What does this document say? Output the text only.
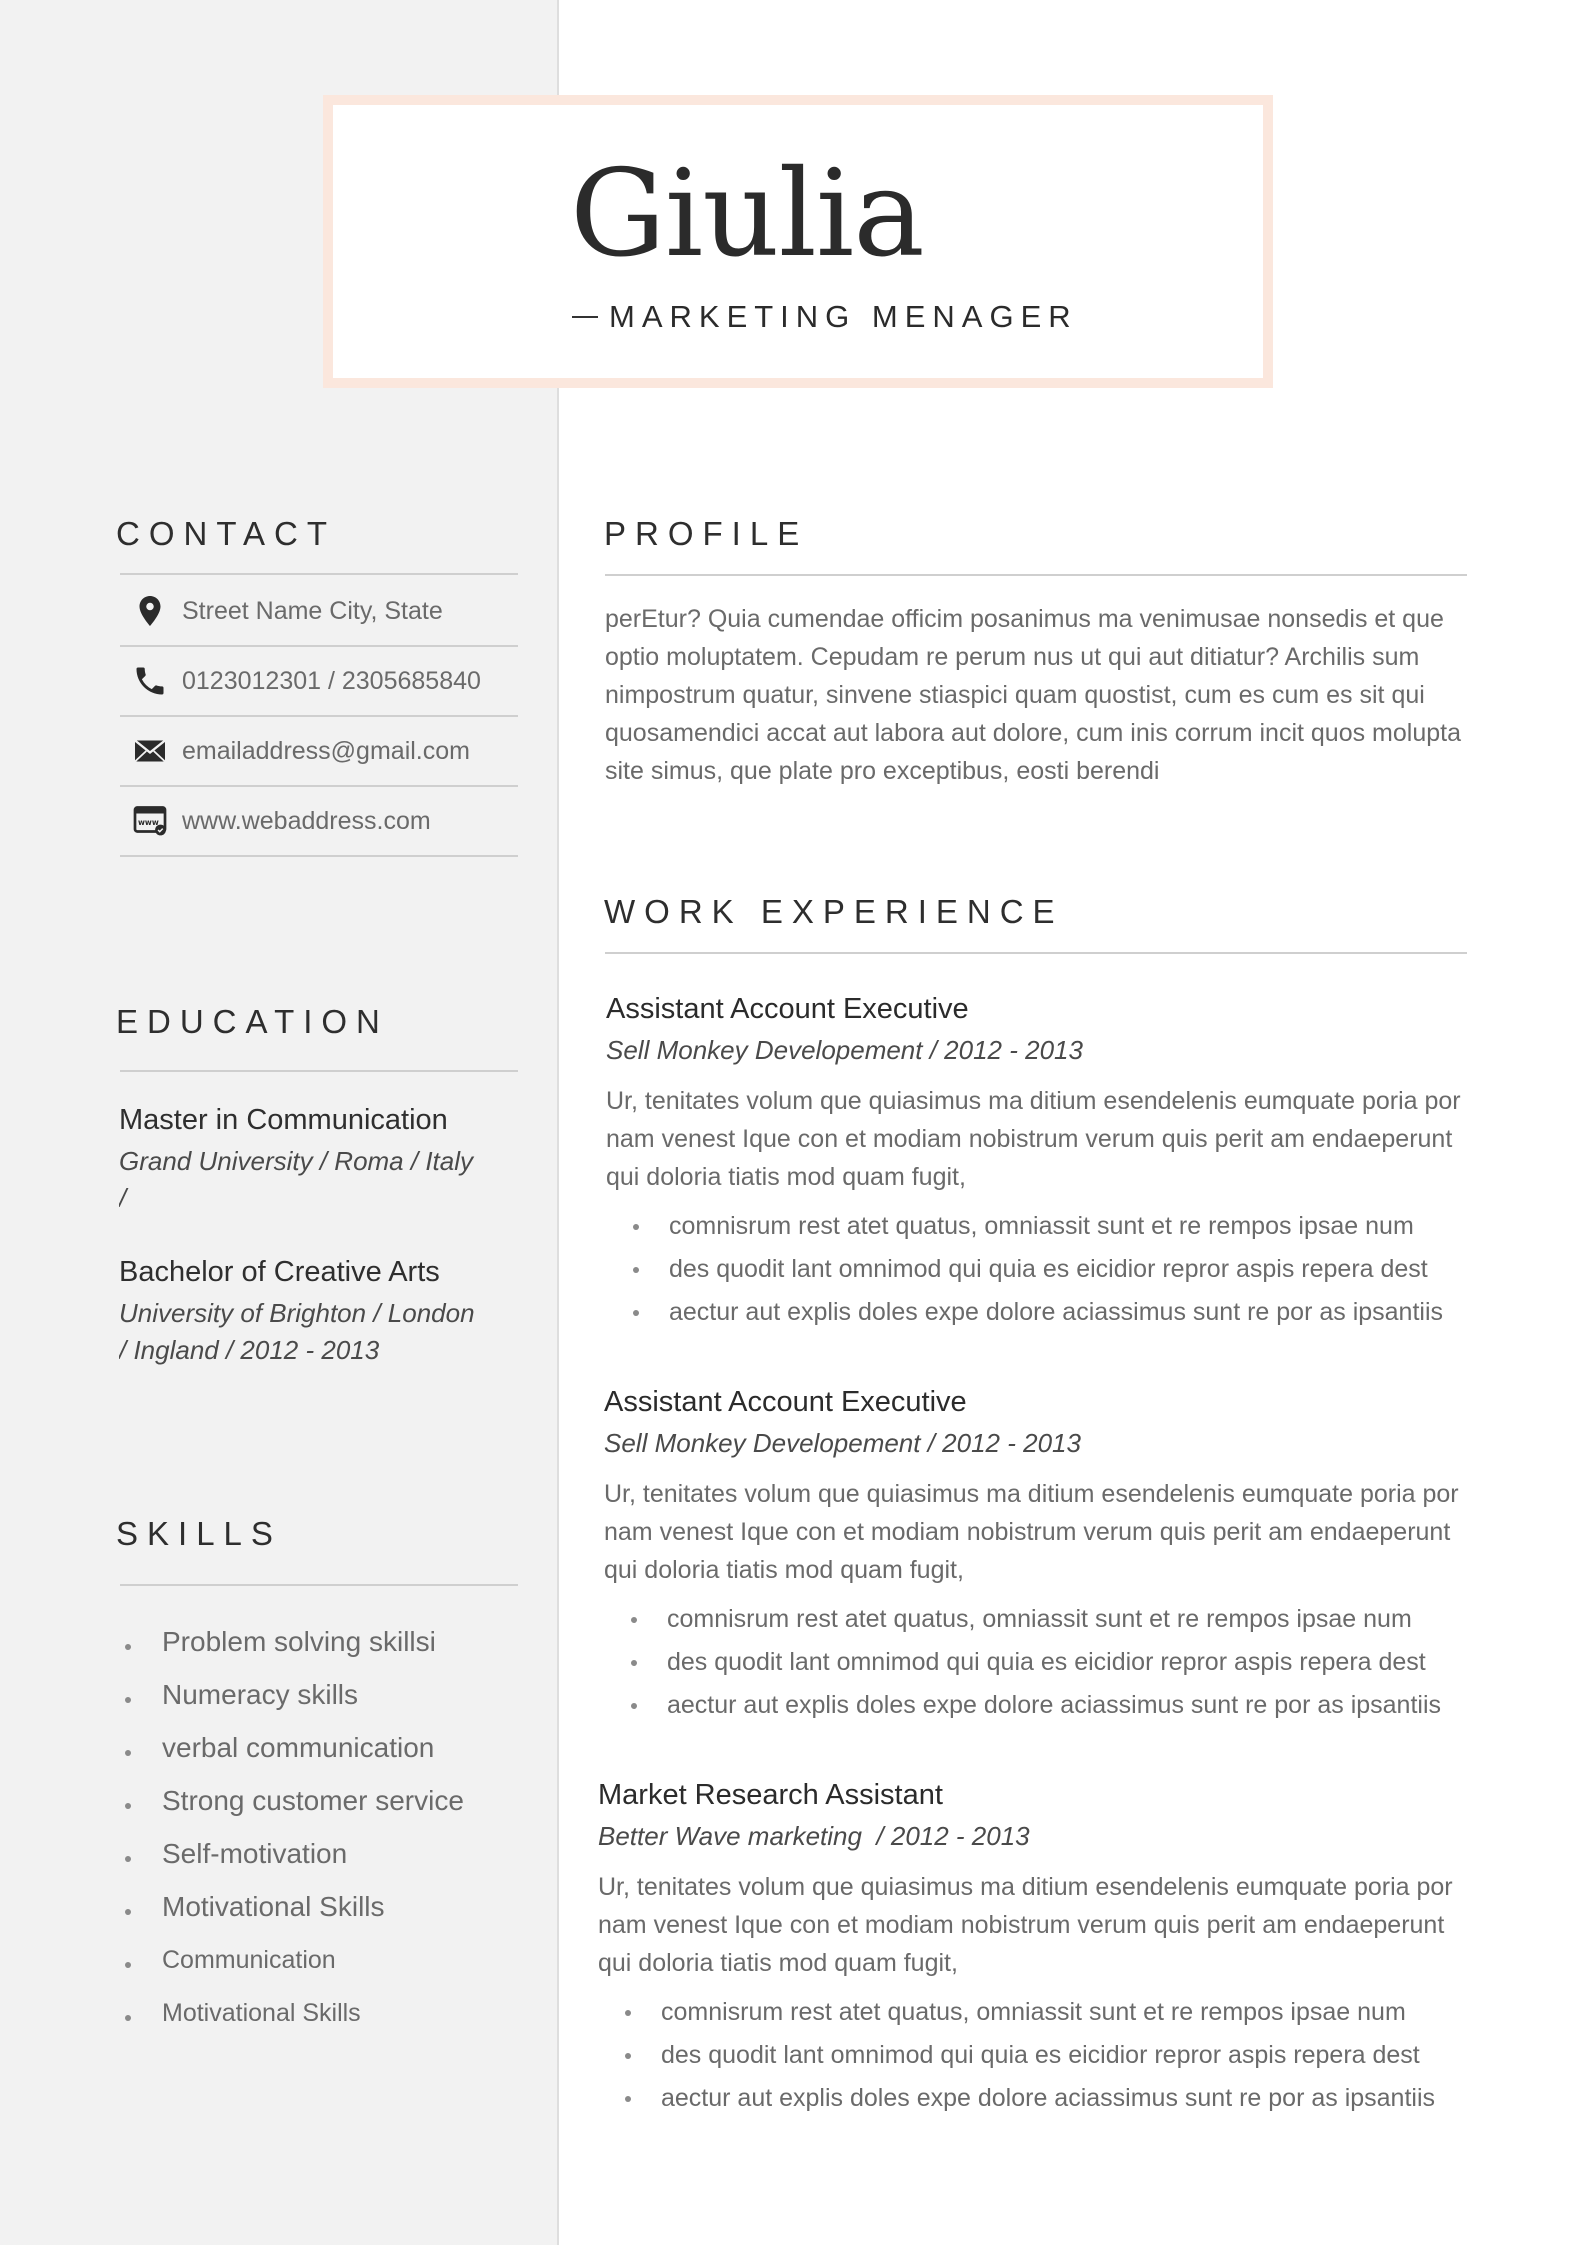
Giulia
MARKETING MENAGER
CONTACT
Street Name City, State
0123012301 / 2305685840
emailaddress@gmail.com
www www.webaddress.com
EDUCATION
Master in Communication
Grand University / Roma / Italy /
Bachelor of Creative Arts
University of Brighton / London / Ingland / 2012 - 2013
SKILLS
Problem solving skillsi
Numeracy skills
verbal communication
Strong customer service
Self-motivation
Motivational Skills
Communication
Motivational Skills
PROFILE
perEtur? Quia cumendae officim posanimus ma venimusae nonsedis et que optio moluptatem. Cepudam re perum nus ut qui aut ditiatur? Archilis sum nimpostrum quatur, sinvene stiaspici quam quostist, cum es cum es sit qui quosamendici accat aut labora aut dolore, cum inis corrum incit quos molupta site simus, que plate pro exceptibus, eosti berendi
WORK EXPERIENCE
Assistant Account Executive
Sell Monkey Developement / 2012 - 2013
Ur, tenitates volum que quiasimus ma ditium esendelenis eumquate poria por nam venest Ique con et modiam nobistrum verum quis perit am endaeperunt qui doloria tiatis mod quam fugit,
comnisrum rest atet quatus, omniassit sunt et re rempos ipsae num
des quodit lant omnimod qui quia es eicidior repror aspis repera dest
aectur aut explis doles expe dolore aciassimus sunt re por as ipsantiis
Assistant Account Executive
Sell Monkey Developement / 2012 - 2013
Ur, tenitates volum que quiasimus ma ditium esendelenis eumquate poria por nam venest Ique con et modiam nobistrum verum quis perit am endaeperunt qui doloria tiatis mod quam fugit,
comnisrum rest atet quatus, omniassit sunt et re rempos ipsae num
des quodit lant omnimod qui quia es eicidior repror aspis repera dest
aectur aut explis doles expe dolore aciassimus sunt re por as ipsantiis
Market Research Assistant
Better Wave marketing  / 2012 - 2013
Ur, tenitates volum que quiasimus ma ditium esendelenis eumquate poria por nam venest Ique con et modiam nobistrum verum quis perit am endaeperunt qui doloria tiatis mod quam fugit,
comnisrum rest atet quatus, omniassit sunt et re rempos ipsae num
des quodit lant omnimod qui quia es eicidior repror aspis repera dest
aectur aut explis doles expe dolore aciassimus sunt re por as ipsantiis
